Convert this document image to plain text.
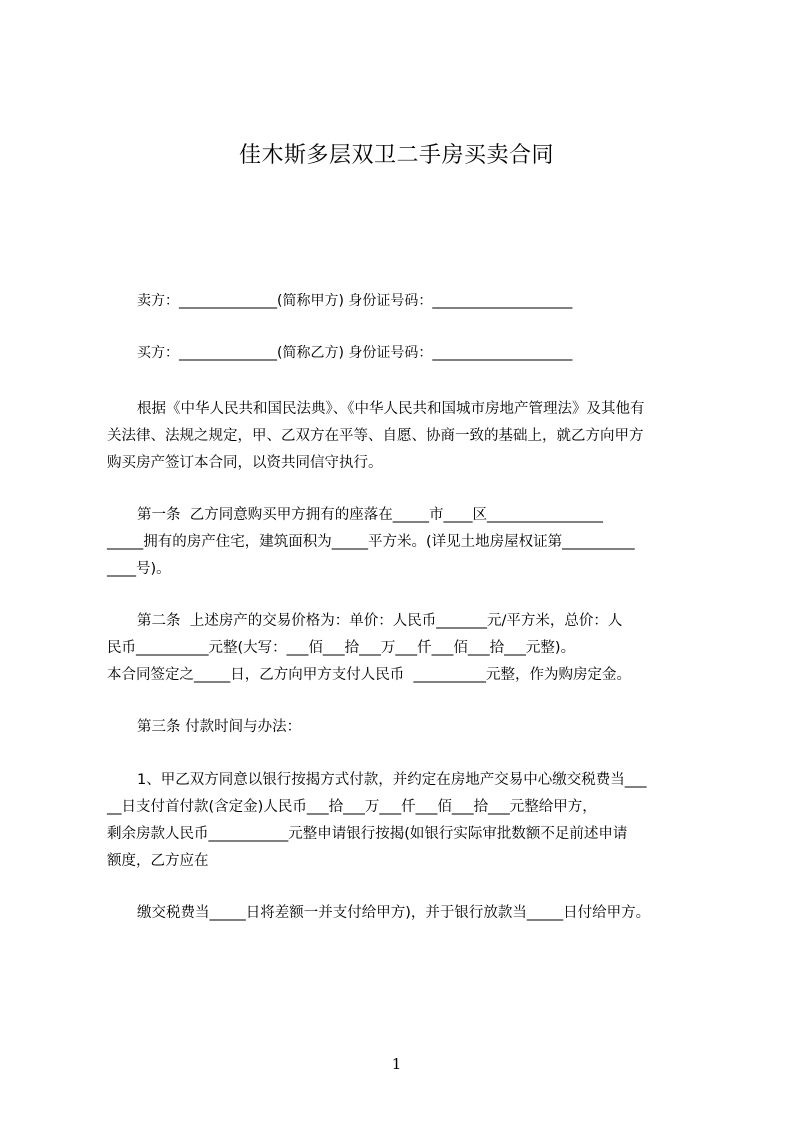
佳木斯多层双卫二手房买卖合同
卖方：______________(简称甲方) 身份证号码：____________________
买方：______________(简称乙方) 身份证号码：____________________
根据《中华人民共和国民法典》、《中华人民共和国城市房地产管理法》及其他有
关法律、法规之规定，甲、乙双方在平等、自愿、协商一致的基础上，就乙方向甲方
购买房产签订本合同，以资共同信守执行。
第一条  乙方同意购买甲方拥有的座落在_____市____区________________
_____拥有的房产住宅，建筑面积为_____平方米。(详见土地房屋权证第__________
____号)。
第二条  上述房产的交易价格为：单价：人民币_______元/平方米，总价：人
民币__________元整(大写：___佰___拾___万___仟___佰___拾___元整)。
本合同签定之_____日，乙方向甲方支付人民币  __________元整，作为购房定金。
第三条 付款时间与办法：
1、甲乙双方同意以银行按揭方式付款，并约定在房地产交易中心缴交税费当___
__日支付首付款(含定金)人民币___拾___万___仟___佰___拾___元整给甲方，
剩余房款人民币___________元整申请银行按揭(如银行实际审批数额不足前述申请
额度，乙方应在
缴交税费当_____日将差额一并支付给甲方)，并于银行放款当_____日付给甲方。
1
